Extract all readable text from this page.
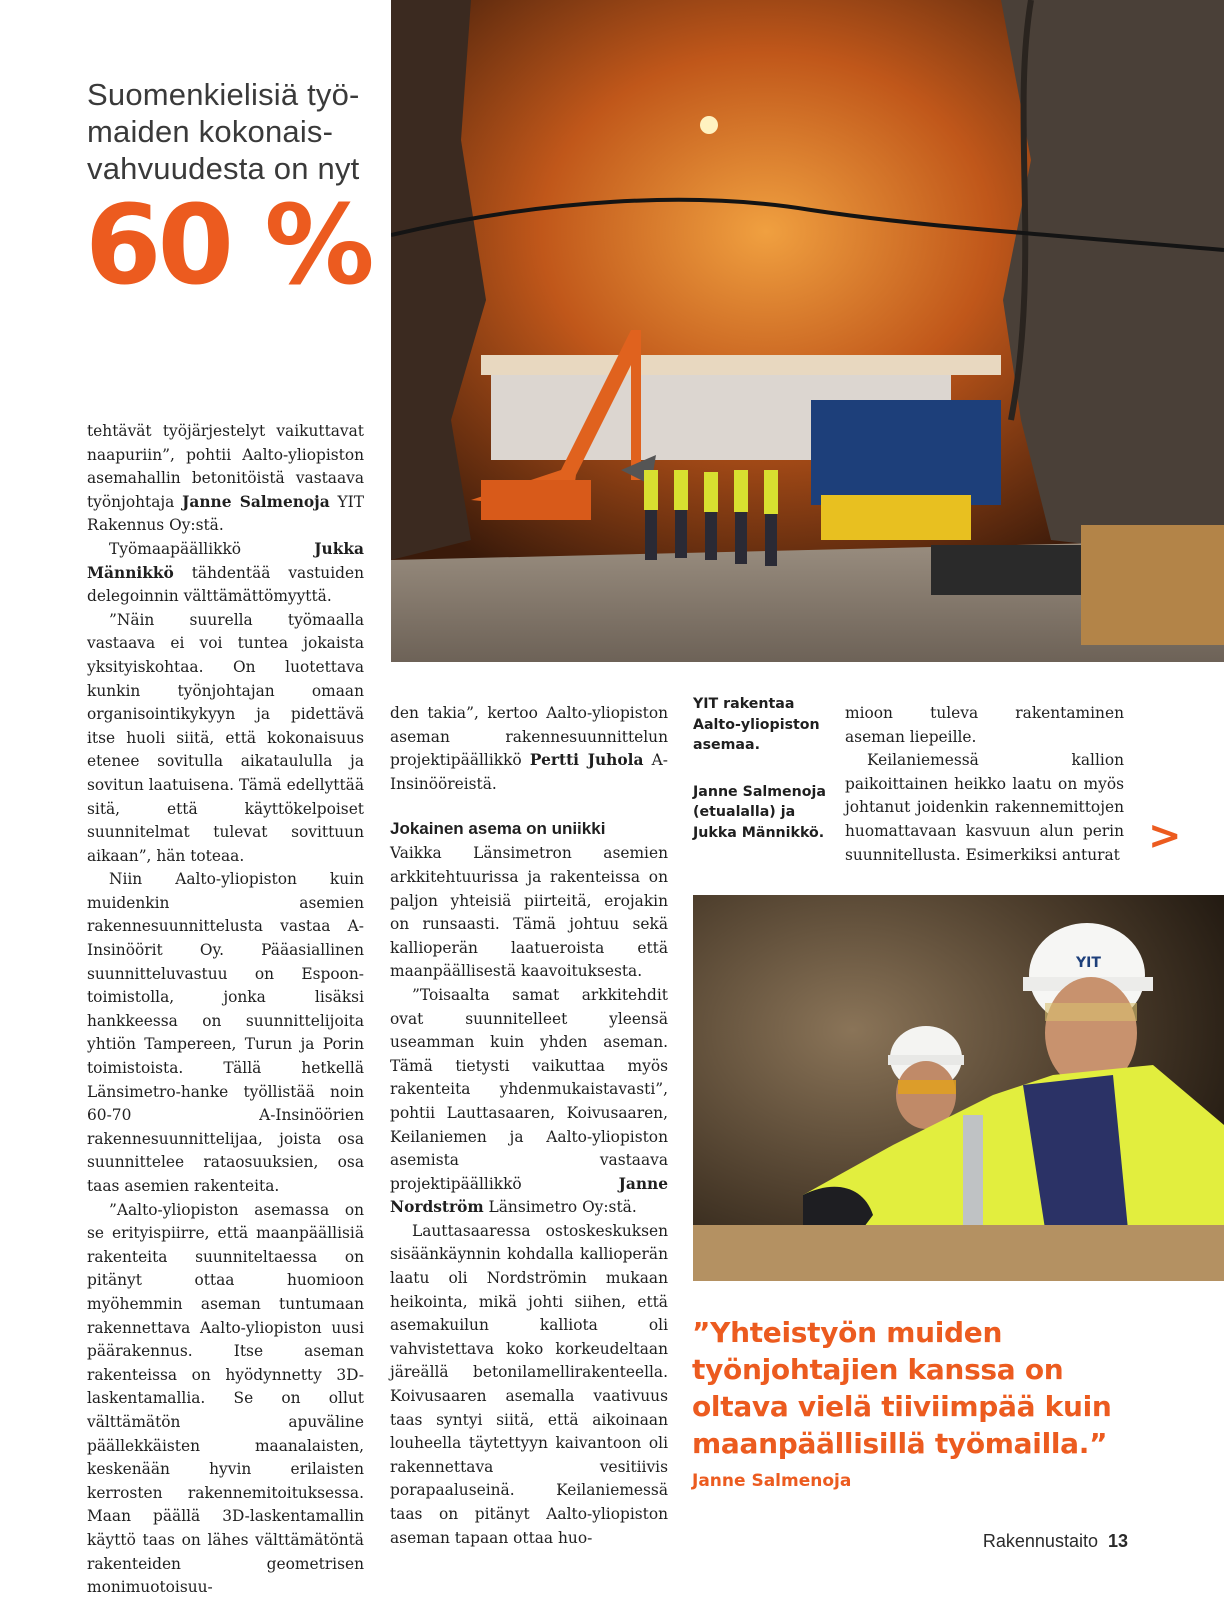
Suomenkielisiä työ-
maiden kokonais-
vahvuudesta on nyt
60 %

tehtävät työjärjestelyt vaikuttavat naapuriin”, pohtii Aalto-yliopiston asemahallin betonitöistä vastaava työnjohtaja Janne Salmenoja YIT Rakennus Oy:stä.

Työmaapäällikkö Jukka Männikkö tähdentää vastuiden delegoinnin välttämättömyyttä.

”Näin suurella työmaalla vastaava ei voi tuntea jokaista yksityiskohtaa. On luotettava kunkin työnjohtajan omaan organisointikykyyn ja pidettävä itse huoli siitä, että kokonaisuus etenee sovitulla aikataululla ja sovitun laatuisena. Tämä edellyttää sitä, että käyttökelpoiset suunnitelmat tulevat sovittuun aikaan”, hän toteaa.

Niin Aalto-yliopiston kuin muidenkin asemien rakennesuunnittelusta vastaa A-Insinöörit Oy. Pääasiallinen suunnitteluvastuu on Espoon-toimistolla, jonka lisäksi hankkeessa on suunnittelijoita yhtiön Tampereen, Turun ja Porin toimistoista. Tällä hetkellä Länsimetro-hanke työllistää noin 60-70 A-Insinöörien rakennesuunnittelijaa, joista osa suunnittelee rataosuuksien, osa taas asemien rakenteita.

”Aalto-yliopiston asemassa on se erityispiirre, että maanpäällisiä rakenteita suunniteltaessa on pitänyt ottaa huomioon myöhemmin aseman tuntumaan rakennettava Aalto-yliopiston uusi päärakennus. Itse aseman rakenteissa on hyödynnetty 3D-laskentamallia. Se on ollut välttämätön apuväline päällekkäisten maanalaisten, keskenään hyvin erilaisten kerrosten rakennemitoituksessa. Maan päällä 3D-laskentamallin käyttö taas on lähes välttämätöntä rakenteiden geometrisen monimuotoisuu-

den takia”, kertoo Aalto-yliopiston aseman rakennesuunnittelun projektipäällikkö Pertti Juhola A-Insinööreistä.

Jokainen asema on uniikki

Vaikka Länsimetron asemien arkkitehtuurissa ja rakenteissa on paljon yhteisiä piirteitä, erojakin on runsaasti. Tämä johtuu sekä kallioperän laatueroista että maanpäällisestä kaavoituksesta.

”Toisaalta samat arkkitehdit ovat suunnitelleet yleensä useamman kuin yhden aseman. Tämä tietysti vaikuttaa myös rakenteita yhdenmukaistavasti”, pohtii Lauttasaaren, Koivusaaren, Keilaniemen ja Aalto-yliopiston asemista vastaava projektipäällikkö Janne Nordström Länsimetro Oy:stä.

Lauttasaaressa ostoskeskuksen sisäänkäynnin kohdalla kallioperän laatu oli Nordströmin mukaan heikointa, mikä johti siihen, että asemakuilun kalliota oli vahvistettava koko korkeudeltaan järeällä betonilamellirakenteella. Koivusaaren asemalla vaativuus taas syntyi siitä, että aikoinaan louheella täytettyyn kaivantoon oli rakennettava vesitiivis porapaaluseinä. Keilaniemessä taas on pitänyt Aalto-yliopiston aseman tapaan ottaa huo-

YIT rakentaa Aalto-yliopiston asemaa.

Janne Salmenoja (etualalla) ja Jukka Männikkö.

mioon tuleva rakentaminen aseman liepeille.

Keilaniemessä kallion paikoittainen heikko laatu on myös johtanut joidenkin rakennemittojen huomattavaan kasvuun alun perin suunnitellusta. Esimerkiksi anturat >
YIT
”Yhteistyön muiden työnjohtajien kanssa on oltava vielä tiiviimpää kuin maanpäällisillä työmailla.”
Janne Salmenoja
Rakennustaito 13
